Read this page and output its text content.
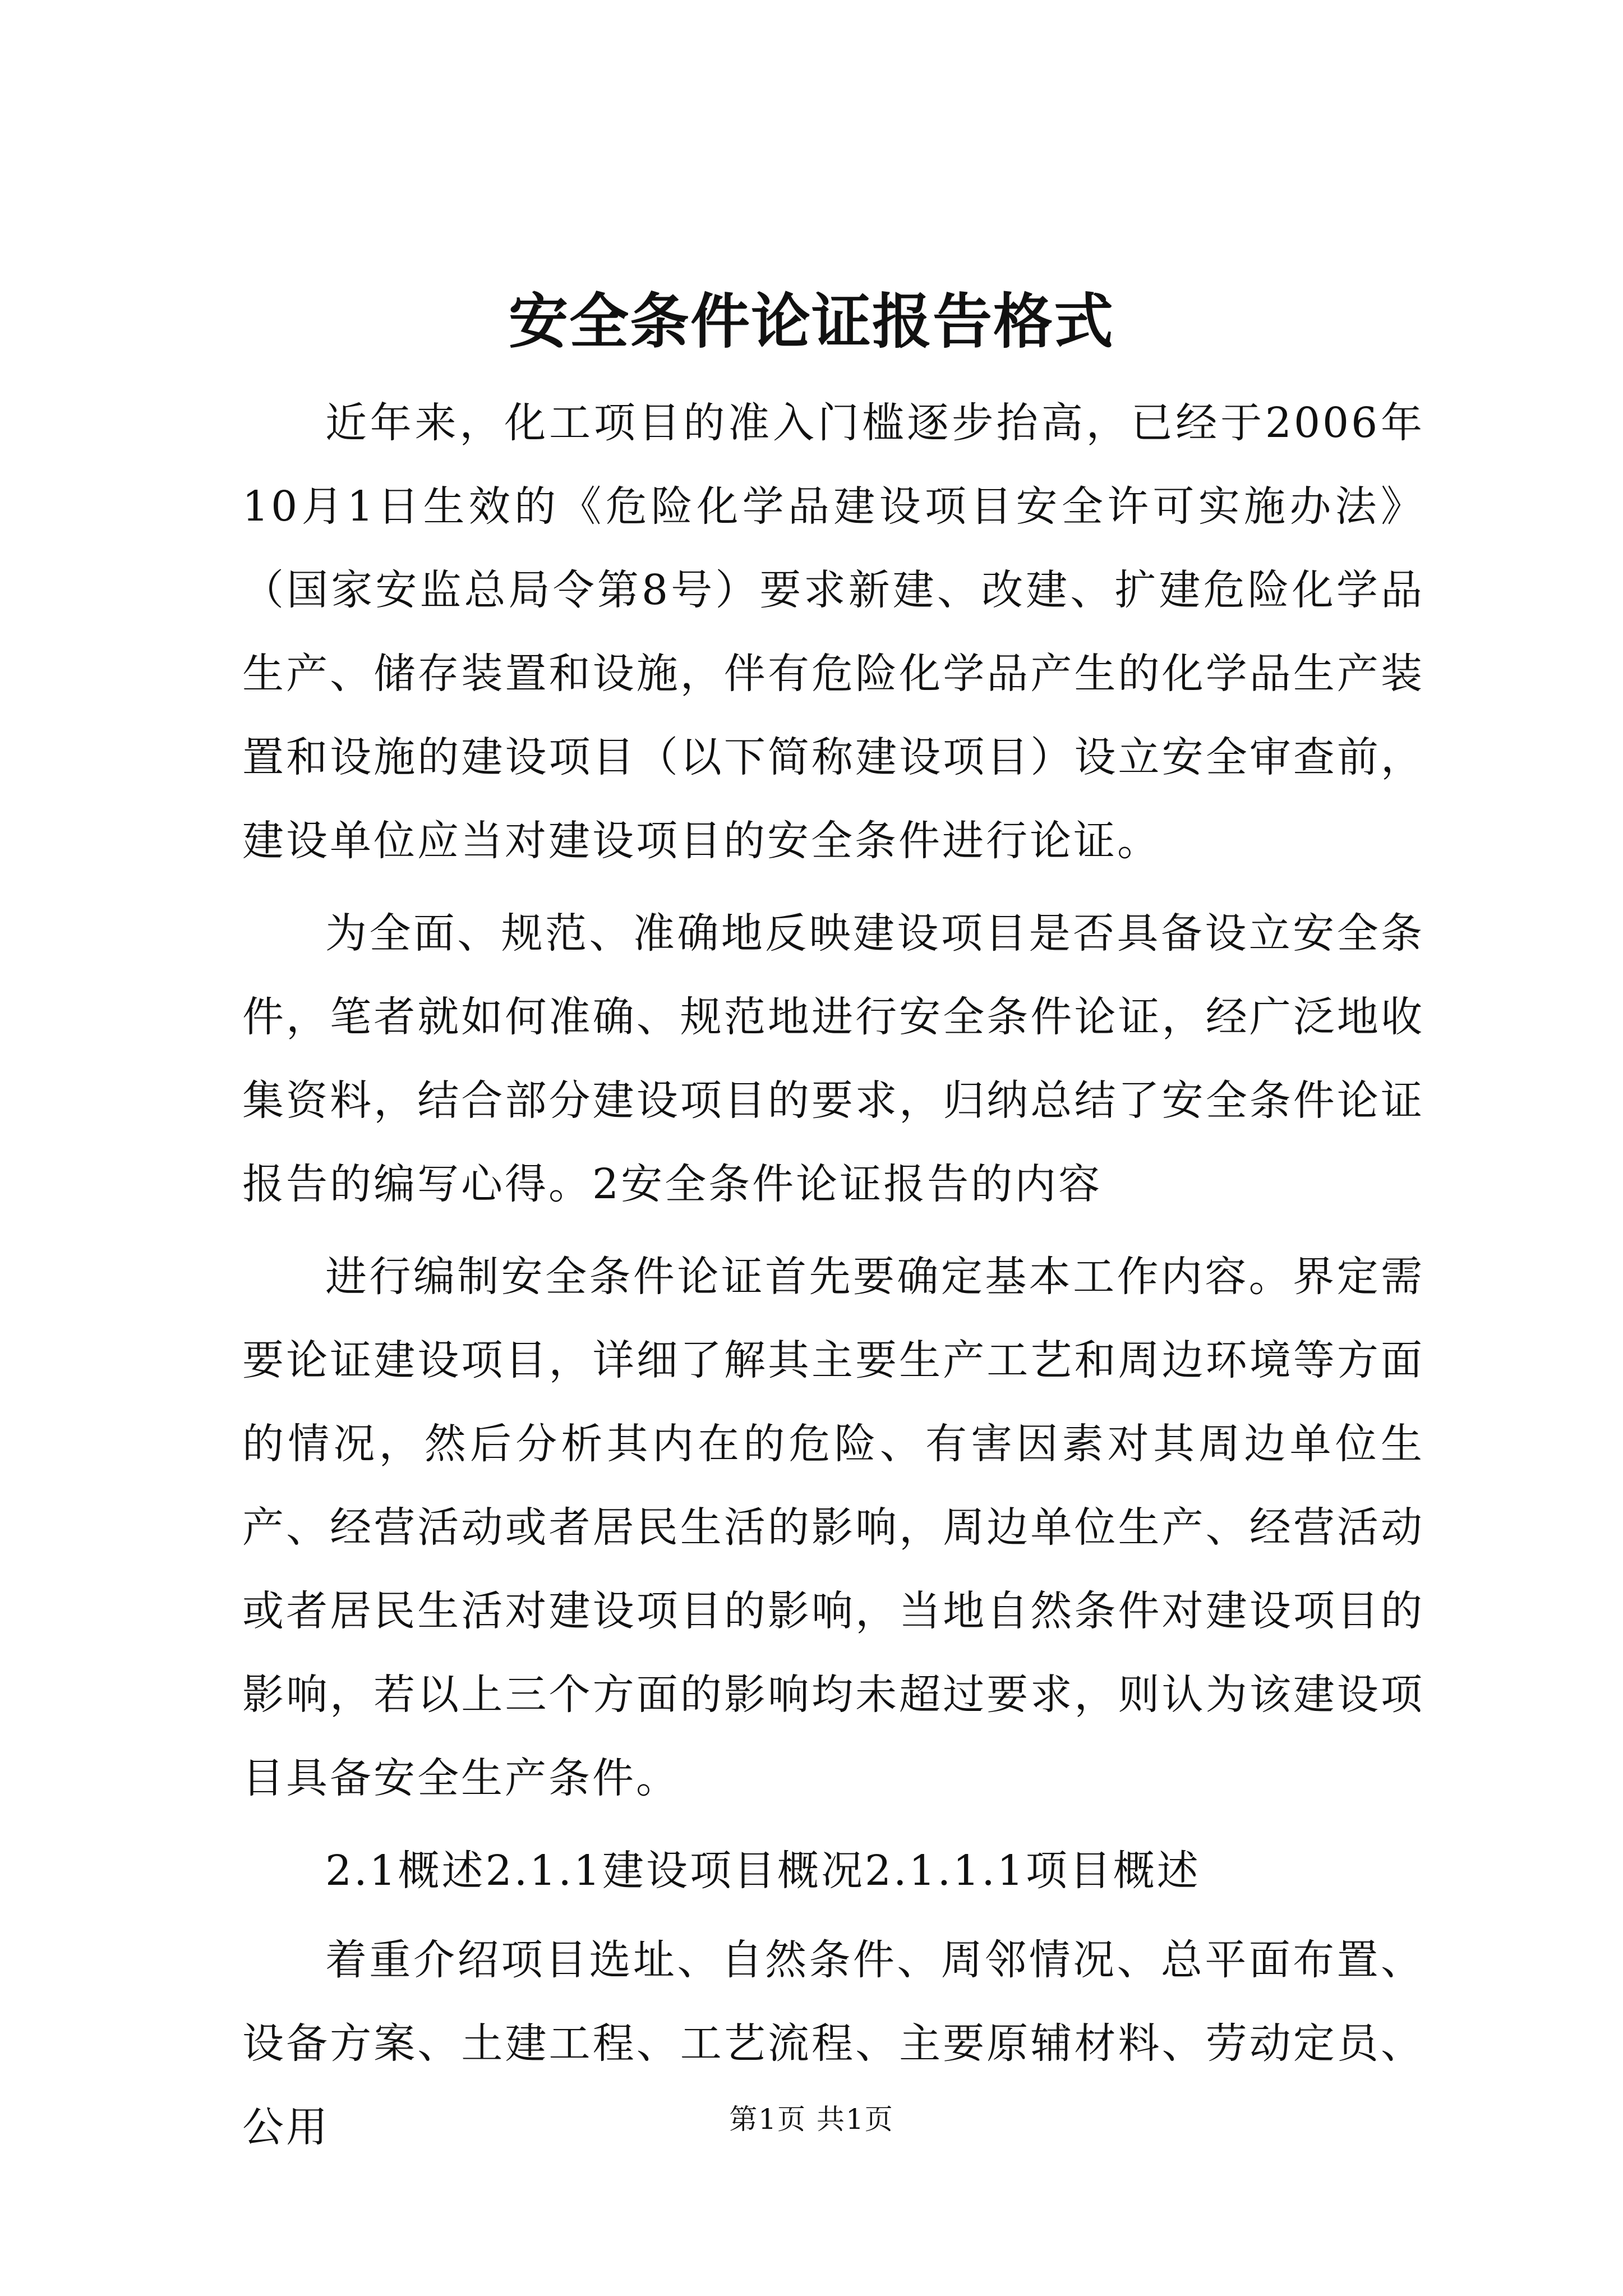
安全条件论证报告格式

近年来，化工项目的准入门槛逐步抬高，已经于2006年10月1日生效的《危险化学品建设项目安全许可实施办法》（国家安监总局令第8号）要求新建、改建、扩建危险化学品生产、储存装置和设施，伴有危险化学品产生的化学品生产装置和设施的建设项目（以下简称建设项目）设立安全审查前，建设单位应当对建设项目的安全条件进行论证。

为全面、规范、准确地反映建设项目是否具备设立安全条件，笔者就如何准确、规范地进行安全条件论证，经广泛地收集资料，结合部分建设项目的要求，归纳总结了安全条件论证报告的编写心得。2安全条件论证报告的内容

进行编制安全条件论证首先要确定基本工作内容。界定需要论证建设项目，详细了解其主要生产工艺和周边环境等方面的情况，然后分析其内在的危险、有害因素对其周边单位生产、经营活动或者居民生活的影响，周边单位生产、经营活动或者居民生活对建设项目的影响，当地自然条件对建设项目的影响，若以上三个方面的影响均未超过要求，则认为该建设项目具备安全生产条件。

2.1概述2.1.1建设项目概况2.1.1.1项目概述

着重介绍项目选址、自然条件、周邻情况、总平面布置、设备方案、土建工程、工艺流程、主要原辅材料、劳动定员、公用	第1页 共1页
